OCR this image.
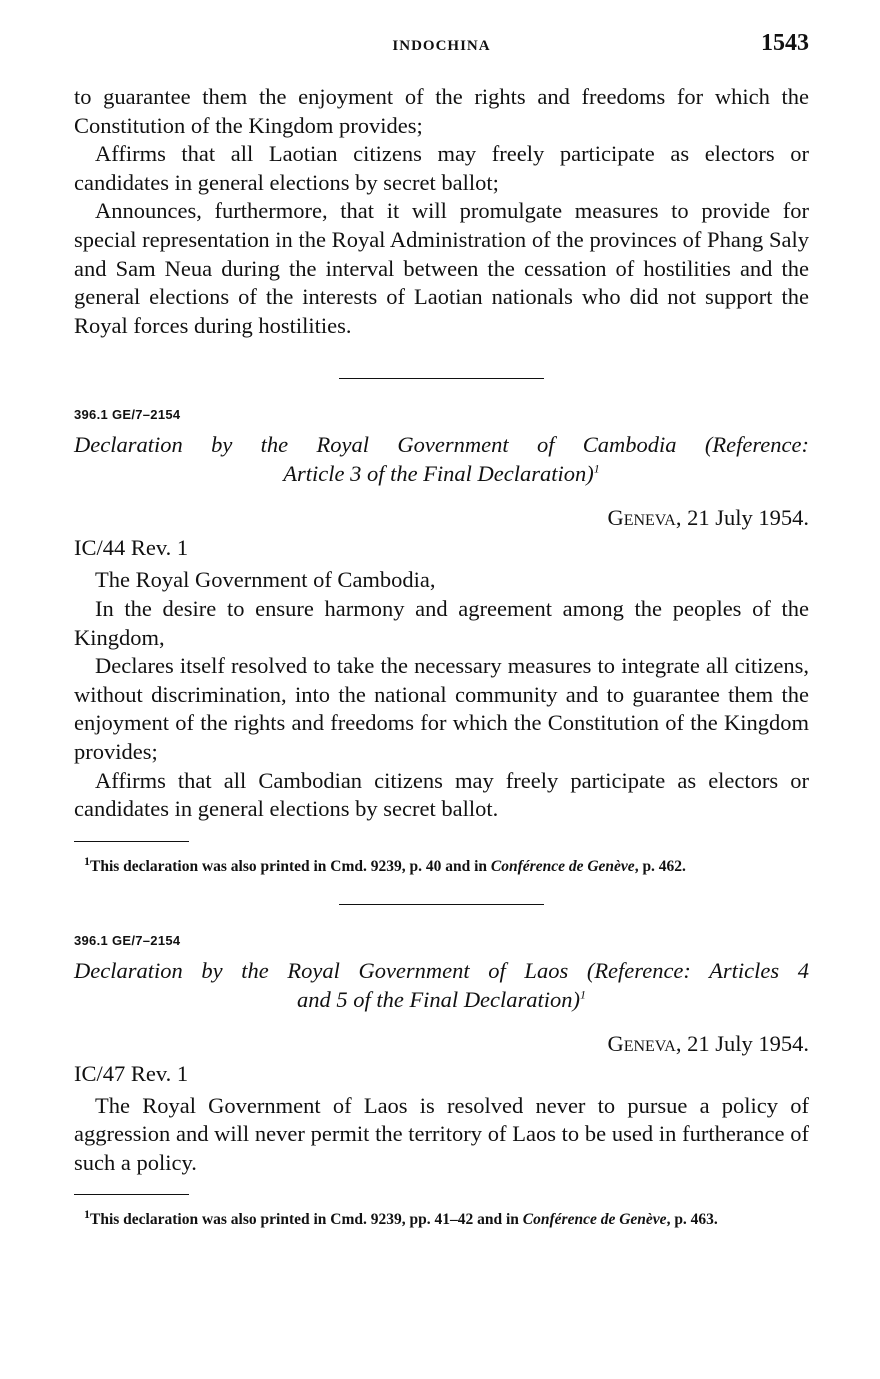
INDOCHINA	1543

to guarantee them the enjoyment of the rights and freedoms for which the Constitution of the Kingdom provides;

Affirms that all Laotian citizens may freely participate as electors or candidates in general elections by secret ballot;

Announces, furthermore, that it will promulgate measures to provide for special representation in the Royal Administration of the provinces of Phang Saly and Sam Neua during the interval between the cessation of hostilities and the general elections of the interests of Laotian nationals who did not support the Royal forces during hostilities.

396.1 GE/7–2154
Declaration by the Royal Government of Cambodia (Reference:
Article 3 of the Final Declaration)$^1$
Geneva, 21 July 1954.
IC/44 Rev. 1

The Royal Government of Cambodia,

In the desire to ensure harmony and agreement among the peoples of the Kingdom,

Declares itself resolved to take the necessary measures to integrate all citizens, without discrimination, into the national community and to guarantee them the enjoyment of the rights and freedoms for which the Constitution of the Kingdom provides;

Affirms that all Cambodian citizens may freely participate as electors or candidates in general elections by secret ballot.

$^1$This declaration was also printed in Cmd. 9239, p. 40 and in Conférence de Genève, p. 462.
396.1 GE/7–2154
Declaration by the Royal Government of Laos (Reference: Articles 4
and 5 of the Final Declaration)$^1$
Geneva, 21 July 1954.
IC/47 Rev. 1

The Royal Government of Laos is resolved never to pursue a policy of aggression and will never permit the territory of Laos to be used in furtherance of such a policy.

$^1$This declaration was also printed in Cmd. 9239, pp. 41–42 and in Conférence de Genève, p. 463.
